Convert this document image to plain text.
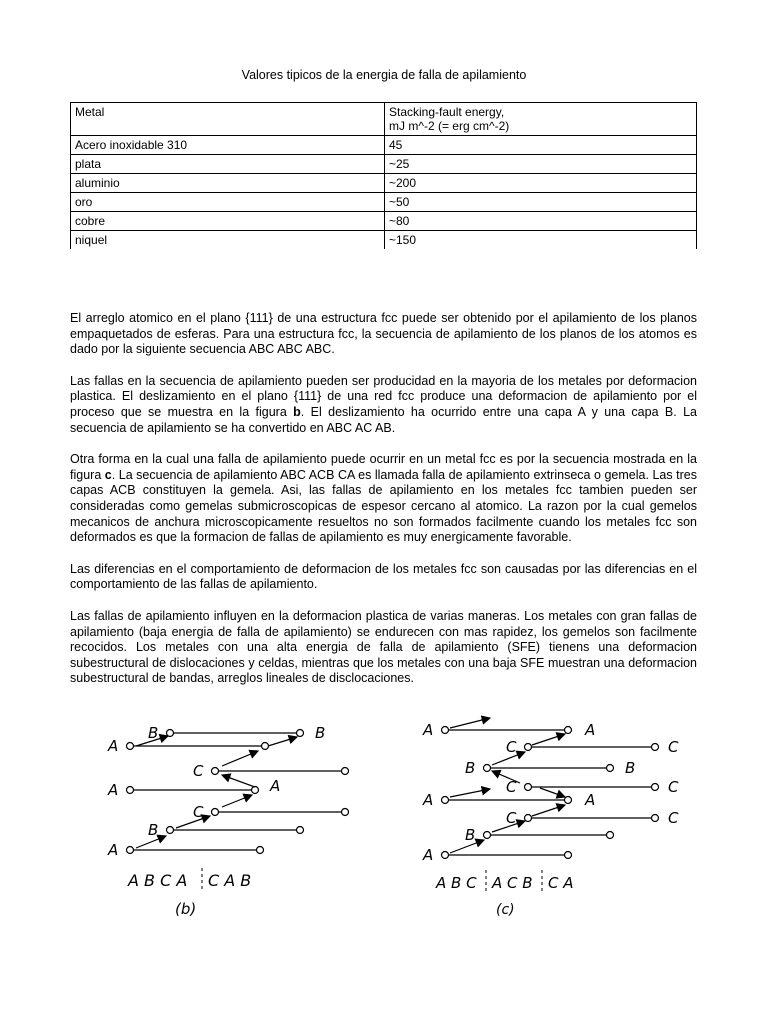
Valores tipicos de la energia de falla de apilamiento
Metal	Stacking-fault energy,
mJ m^-2 (= erg cm^-2)
Acero inoxidable 310	45
plata	~25
aluminio	~200
oro	~50
cobre	~80
niquel	~150

El arreglo atomico en el plano {111} de una estructura fcc puede ser obtenido por el apilamiento de los planos empaquetados de esferas. Para una estructura fcc, la secuencia de apilamiento de los planos de los atomos es dado por la siguiente secuencia ABC ABC ABC.

Las fallas en la secuencia de apilamiento pueden ser producidad en la mayoria de los metales por deformacion plastica. El deslizamiento en el plano {111} de una red fcc produce una deformacion de apilamiento por el proceso que se muestra en la figura b. El deslizamiento ha ocurrido entre una capa A y una capa B. La secuencia de apilamiento se ha convertido en ABC AC AB.

Otra forma en la cual una falla de apilamiento puede ocurrir en un metal fcc es por la secuencia mostrada en la figura c. La secuencia de apilamiento ABC ACB CA es llamada falla de apilamiento extrinseca o gemela. Las tres capas ACB constituyen la gemela. Asi, las fallas de apilamiento en los metales fcc tambien pueden ser consideradas como gemelas submicroscopicas de espesor cercano al atomico. La razon por la cual gemelos mecanicos de anchura microscopicamente resueltos no son formados facilmente cuando los metales fcc son deformados es que la formacion de fallas de apilamiento es muy energicamente favorable.

Las diferencias en el comportamiento de deformacion de los metales fcc son causadas por las diferencias en el comportamiento de las fallas de apilamiento.

Las fallas de apilamiento influyen en la deformacion plastica de varias maneras. Los metales con gran fallas de apilamiento (baja energia de falla de apilamiento) se endurecen con mas rapidez, los gemelos son facilmente recocidos. Los metales con una alta energia de falla de apilamiento (SFE) tienens una deformacion subestructural de dislocaciones y celdas, mientras que los metales con una baja SFE muestran una deformacion subestructural de bandas, arreglos lineales de disclocaciones.

B
A
C
A
C
B
A
B
A
A B C A C A B
(b)
A
C
B
C
A
C
B
A
A
C
B
C
A
C
A B C A C B C A
(c)
